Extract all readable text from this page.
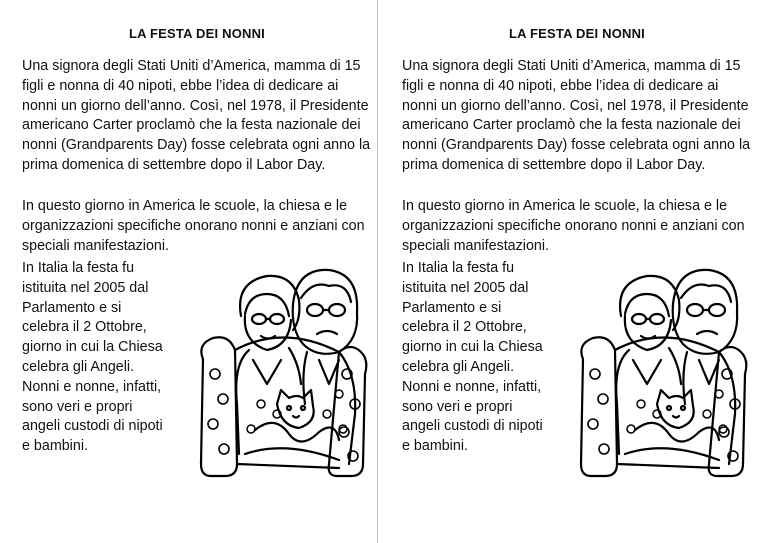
LA FESTA DEI NONNI

Una signora degli Stati Uniti d’America, mamma di 15 figli e nonna di 40 nipoti, ebbe l’idea di dedicare ai nonni un giorno dell’anno. Così, nel 1978, il Presidente americano Carter proclamò che la festa nazionale dei nonni (Grandparents Day) fosse celebrata ogni anno la prima domenica di settembre dopo il Labor Day.

In questo giorno in America le scuole, la chiesa e le organizzazioni specifiche onorano nonni e anziani con speciali manifestazioni.

In Italia la festa fu istituita nel 2005 dal Parlamento e si celebra il 2 Ottobre, giorno in cui la Chiesa celebra gli Angeli. Nonni e nonne, infatti, sono veri e propri angeli custodi di nipoti e bambini.

LA FESTA DEI NONNI

Una signora degli Stati Uniti d’America, mamma di 15 figli e nonna di 40 nipoti, ebbe l’idea di dedicare ai nonni un giorno dell’anno. Così, nel 1978, il Presidente americano Carter proclamò che la festa nazionale dei nonni (Grandparents Day) fosse celebrata ogni anno la prima domenica di settembre dopo il Labor Day.

In questo giorno in America le scuole, la chiesa e le organizzazioni specifiche onorano nonni e anziani con speciali manifestazioni.

In Italia la festa fu istituita nel 2005 dal Parlamento e si celebra il 2 Ottobre, giorno in cui la Chiesa celebra gli Angeli. Nonni e nonne, infatti, sono veri e propri angeli custodi di nipoti e bambini.
